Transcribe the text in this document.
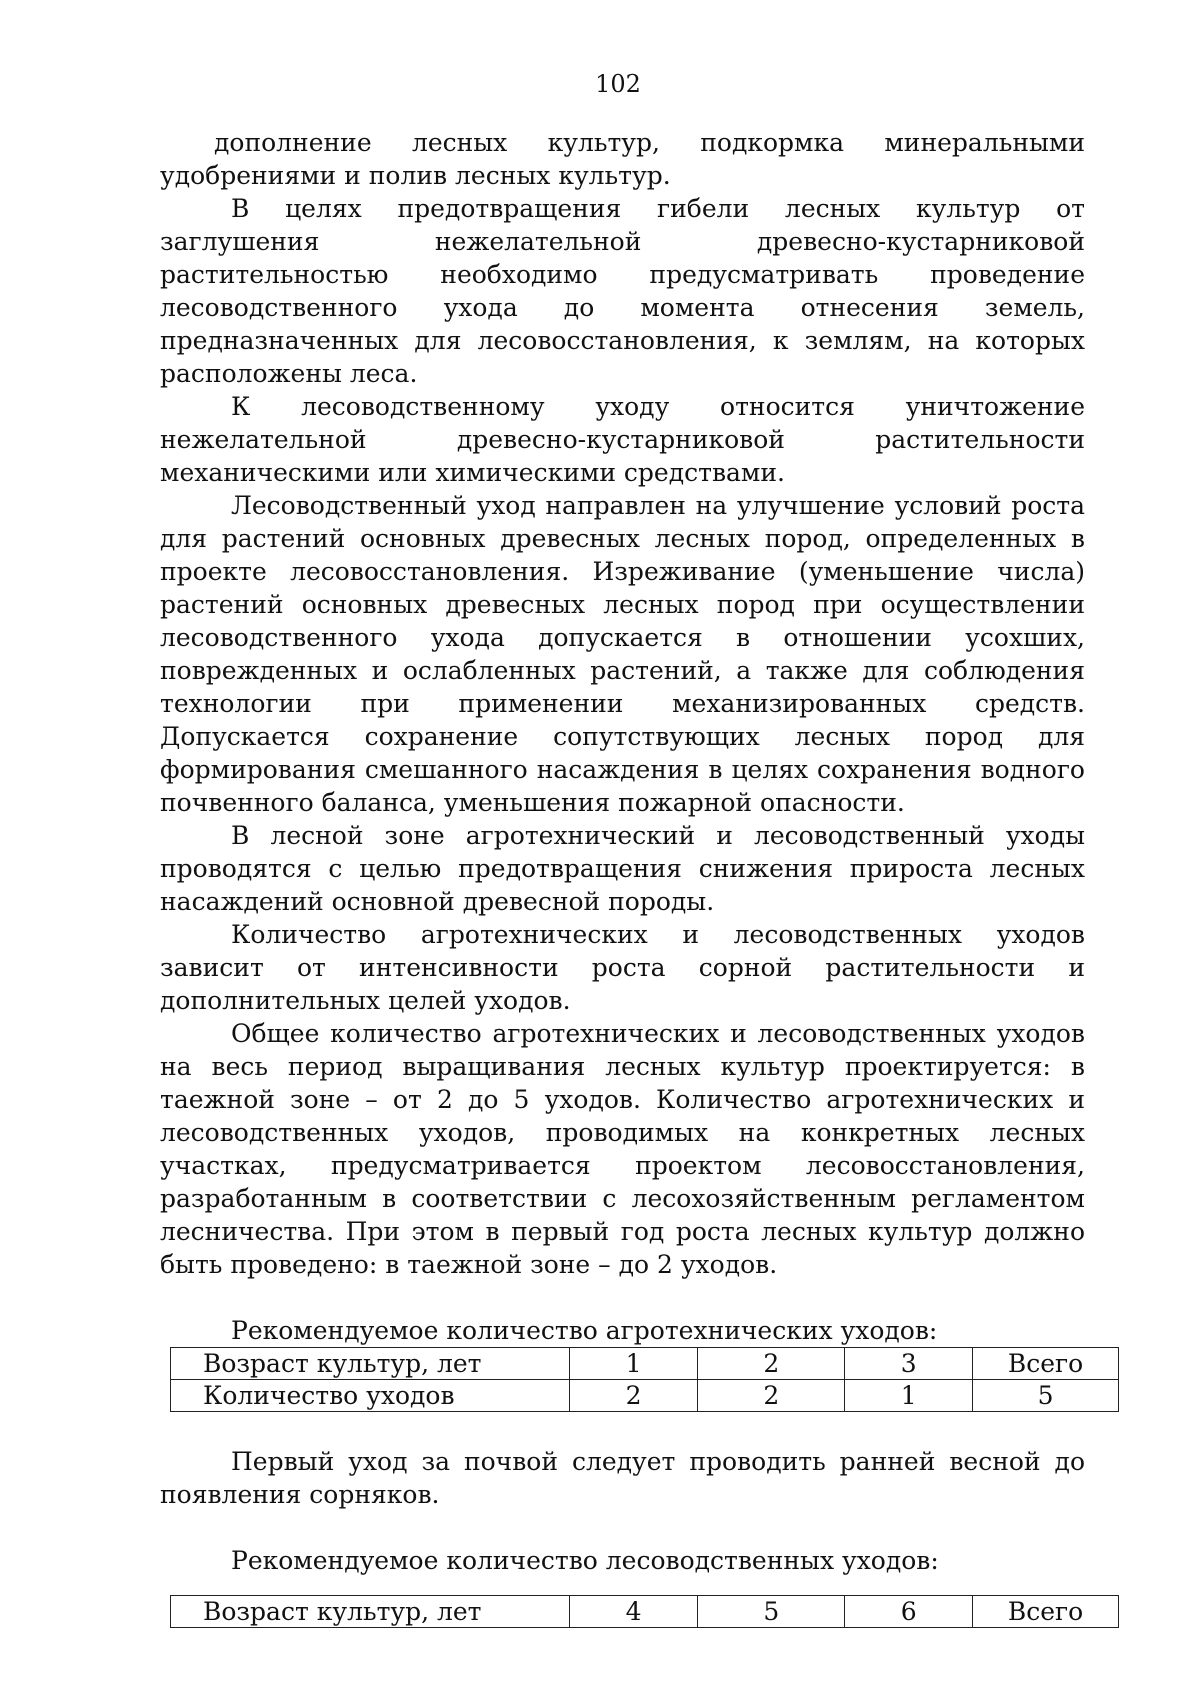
102

дополнение лесных культур, подкормка минеральными удобрениями и полив лесных культур.

В целях предотвращения гибели лесных культур от заглушения нежелательной древесно-кустарниковой растительностью необходимо предусматривать проведение лесоводственного ухода до момента отнесения земель, предназначенных для лесовосстановления, к землям, на которых расположены леса.

К лесоводственному уходу относится уничтожение нежелательной древесно-кустарниковой растительности механическими или химическими средствами.

Лесоводственный уход направлен на улучшение условий роста для растений основных древесных лесных пород, определенных в проекте лесовосстановления. Изреживание (уменьшение числа) растений основных древесных лесных пород при осуществлении лесоводственного ухода допускается в отношении усохших, поврежденных и ослабленных растений, а также для соблюдения технологии при применении механизированных средств. Допускается сохранение сопутствующих лесных пород для формирования смешанного насаждения в целях сохранения водного почвенного баланса, уменьшения пожарной опасности.

В лесной зоне агротехнический и лесоводственный уходы проводятся с целью предотвращения снижения прироста лесных насаждений основной древесной породы.

Количество агротехнических и лесоводственных уходов зависит от интенсивности роста сорной растительности и дополнительных целей уходов.

Общее количество агротехнических и лесоводственных уходов на весь период выращивания лесных культур проектируется: в таежной зоне – от 2 до 5 уходов. Количество агротехнических и лесоводственных уходов, проводимых на конкретных лесных участках, предусматривается проектом лесовосстановления, разработанным в соответствии с лесохозяйственным регламентом лесничества. При этом в первый год роста лесных культур должно быть проведено: в таежной зоне – до 2 уходов.

Рекомендуемое количество агротехнических уходов:

Возраст культур, лет	1	2	3	Всего
Количество уходов	2	2	1	5

Первый уход за почвой следует проводить ранней весной до появления сорняков.

Рекомендуемое количество лесоводственных уходов:

Возраст культур, лет	4	5	6	Всего
